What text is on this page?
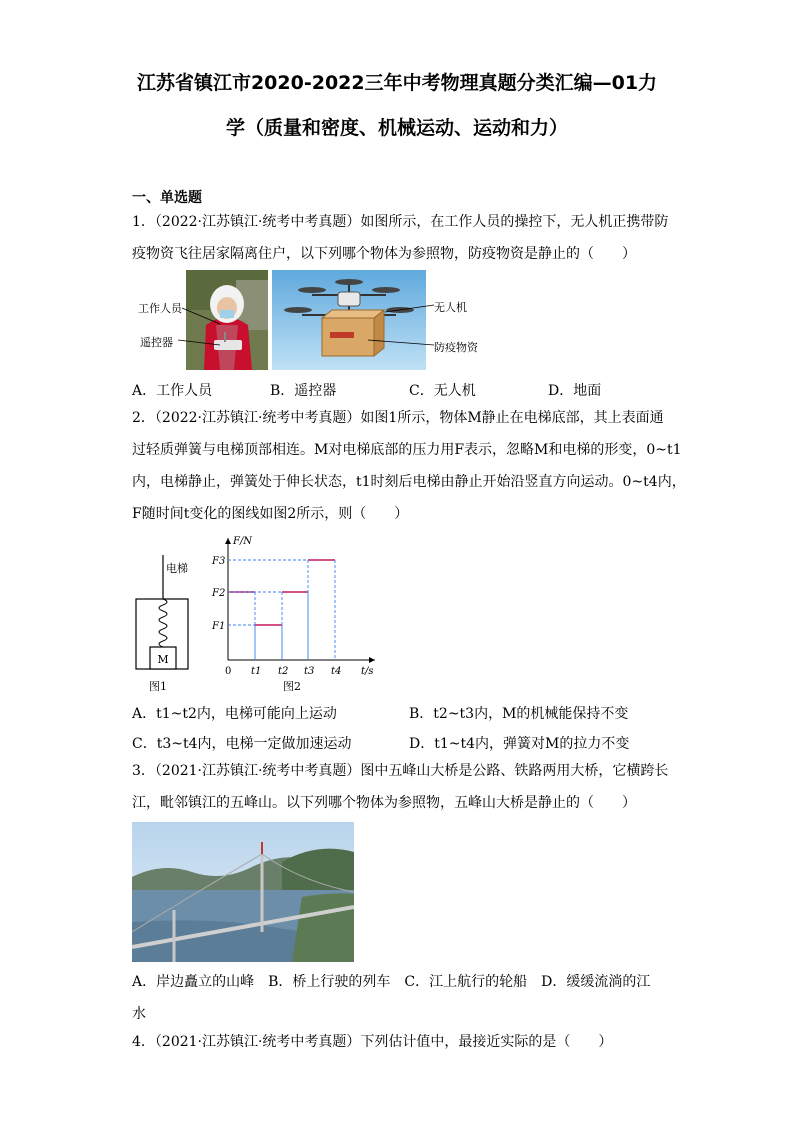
江苏省镇江市2020-2022三年中考物理真题分类汇编—01力
学（质量和密度、机械运动、运动和力）
一、单选题
1．（2022·江苏镇江·统考中考真题）如图所示，在工作人员的操控下，无人机正携带防
疫物资飞往居家隔离住户，以下列哪个物体为参照物，防疫物资是静止的（　　）
工作人员
遥控器
无人机
防疫物资
A．工作人员	B．遥控器	C．无人机	D．地面
2．（2022·江苏镇江·统考中考真题）如图1所示，物体M静止在电梯底部，其上表面通
过轻质弹簧与电梯顶部相连。M对电梯底部的压力用F表示，忽略M和电梯的形变，0~t1
内，电梯静止，弹簧处于伸长状态，t1时刻后电梯由静止开始沿竖直方向运动。0~t4内，
F随时间t变化的图线如图2所示，则（　　）
M
电梯
图1
F/N
t/s
F1
F2
F3
0 t1 t2 t3 t4
图2
A．t1~t2内，电梯可能向上运动	B．t2~t3内，M的机械能保持不变
C．t3~t4内，电梯一定做加速运动	D．t1~t4内，弹簧对M的拉力不变
3．（2021·江苏镇江·统考中考真题）图中五峰山大桥是公路、铁路两用大桥，它横跨长
江，毗邻镇江的五峰山。以下列哪个物体为参照物，五峰山大桥是静止的（　　）
A．岸边矗立的山峰　B．桥上行驶的列车　C．江上航行的轮船　D．缓缓流淌的江
水
4．（2021·江苏镇江·统考中考真题）下列估计值中，最接近实际的是（　　）
